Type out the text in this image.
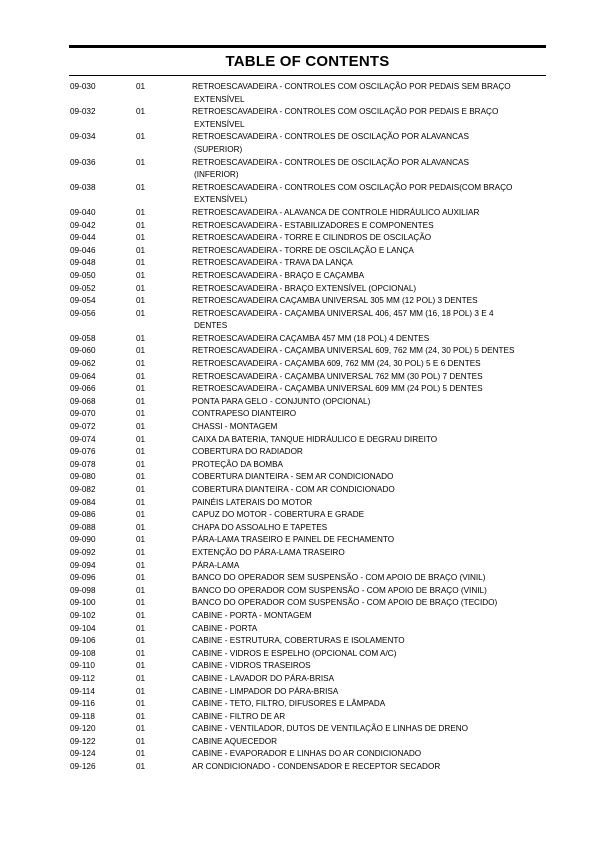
TABLE OF CONTENTS
09-030	01	RETROESCAVADEIRA - CONTROLES COM OSCILAÇÃO POR PEDAIS SEM BRAÇO
EXTENSÍVEL
09-032	01	RETROESCAVADEIRA - CONTROLES COM OSCILAÇÃO POR PEDAIS E BRAÇO
EXTENSÍVEL
09-034	01	RETROESCAVADEIRA - CONTROLES DE OSCILAÇÃO POR ALAVANCAS
(SUPERIOR)
09-036	01	RETROESCAVADEIRA - CONTROLES DE OSCILAÇÃO POR ALAVANCAS
(INFERIOR)
09-038	01	RETROESCAVADEIRA - CONTROLES COM OSCILAÇÃO POR PEDAIS(COM BRAÇO
EXTENSÍVEL)
09-040	01	RETROESCAVADEIRA - ALAVANCA DE CONTROLE HIDRÁULICO AUXILIAR
09-042	01	RETROESCAVADEIRA - ESTABILIZADORES E COMPONENTES
09-044	01	RETROESCAVADEIRA - TORRE E CILINDROS DE OSCILAÇÃO
09-046	01	RETROESCAVADEIRA - TORRE DE OSCILAÇÃO E LANÇA
09-048	01	RETROESCAVADEIRA - TRAVA DA LANÇA
09-050	01	RETROESCAVADEIRA - BRAÇO E CAÇAMBA
09-052	01	RETROESCAVADEIRA - BRAÇO EXTENSÍVEL (OPCIONAL)
09-054	01	RETROESCAVADEIRA CAÇAMBA UNIVERSAL 305 MM (12 POL) 3 DENTES
09-056	01	RETROESCAVADEIRA - CAÇAMBA UNIVERSAL 406, 457 MM (16, 18 POL) 3 E 4
DENTES
09-058	01	RETROESCAVADEIRA CAÇAMBA 457 MM (18 POL) 4 DENTES
09-060	01	RETROESCAVADEIRA - CAÇAMBA UNIVERSAL 609, 762 MM (24, 30 POL) 5 DENTES
09-062	01	RETROESCAVADEIRA - CAÇAMBA 609, 762 MM (24, 30 POL) 5 E 6 DENTES
09-064	01	RETROESCAVADEIRA - CAÇAMBA UNIVERSAL 762 MM (30 POL) 7 DENTES
09-066	01	RETROESCAVADEIRA - CAÇAMBA UNIVERSAL 609 MM (24 POL) 5 DENTES
09-068	01	PONTA PARA GELO - CONJUNTO (OPCIONAL)
09-070	01	CONTRAPESO DIANTEIRO
09-072	01	CHASSI - MONTAGEM
09-074	01	CAIXA DA BATERIA, TANQUE HIDRÁULICO E DEGRAU DIREITO
09-076	01	COBERTURA DO RADIADOR
09-078	01	PROTEÇÃO DA BOMBA
09-080	01	COBERTURA DIANTEIRA - SEM AR CONDICIONADO
09-082	01	COBERTURA DIANTEIRA - COM AR CONDICIONADO
09-084	01	PAINÉIS LATERAIS DO MOTOR
09-086	01	CAPUZ DO MOTOR - COBERTURA E GRADE
09-088	01	CHAPA DO ASSOALHO E TAPETES
09-090	01	PÁRA-LAMA TRASEIRO E PAINEL DE FECHAMENTO
09-092	01	EXTENÇÃO DO PÁRA-LAMA TRASEIRO
09-094	01	PÁRA-LAMA
09-096	01	BANCO DO OPERADOR SEM SUSPENSÃO - COM APOIO DE BRAÇO (VINIL)
09-098	01	BANCO DO OPERADOR COM SUSPENSÃO - COM APOIO DE BRAÇO (VINIL)
09-100	01	BANCO DO OPERADOR COM SUSPENSÃO - COM APOIO DE BRAÇO (TECIDO)
09-102	01	CABINE - PORTA - MONTAGEM
09-104	01	CABINE - PORTA
09-106	01	CABINE - ESTRUTURA, COBERTURAS E ISOLAMENTO
09-108	01	CABINE - VIDROS E ESPELHO (OPCIONAL COM A/C)
09-110	01	CABINE - VIDROS TRASEIROS
09-112	01	CABINE - LAVADOR DO PÁRA-BRISA
09-114	01	CABINE - LIMPADOR DO PÁRA-BRISA
09-116	01	CABINE - TETO, FILTRO, DIFUSORES E LÂMPADA
09-118	01	CABINE - FILTRO DE AR
09-120	01	CABINE - VENTILADOR, DUTOS DE VENTILAÇÃO E LINHAS DE DRENO
09-122	01	CABINE AQUECEDOR
09-124	01	CABINE - EVAPORADOR E LINHAS DO AR CONDICIONADO
09-126	01	AR CONDICIONADO - CONDENSADOR E RECEPTOR SECADOR
